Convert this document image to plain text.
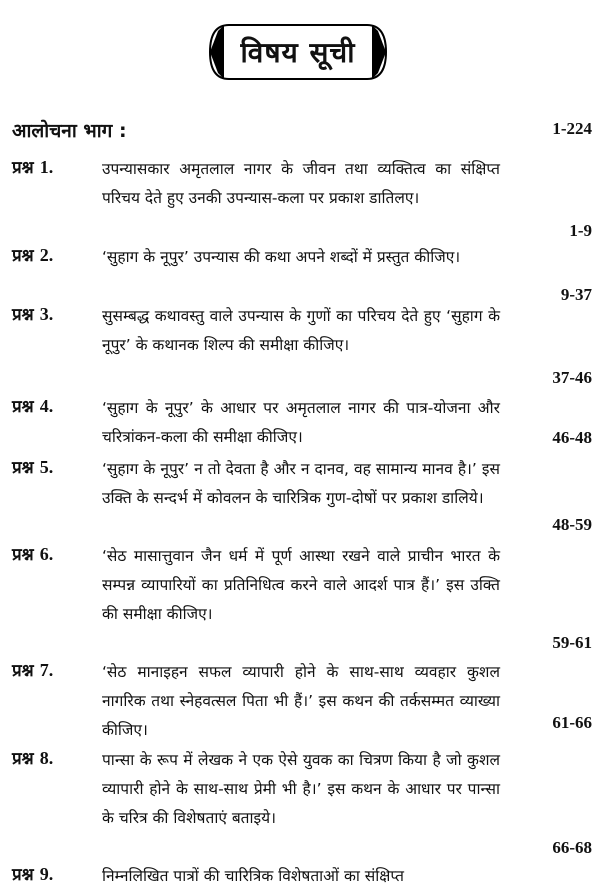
विषय सूची
आलोचना भाग :	1-224
प्रश्न 1.	उपन्यासकार अमृतलाल नागर के जीवन तथा व्यक्तित्व का संक्षिप्त परिचय देते हुए उनकी उपन्यास-कला पर प्रकाश डातिलए।
1-9
प्रश्न 2.	‘सुहाग के नूपुर’ उपन्यास की कथा अपने शब्दों में प्रस्तुत कीजिए।
9-37
प्रश्न 3.	सुसम्बद्ध कथावस्तु वाले उपन्यास के गुणों का परिचय देते हुए ‘सुहाग के नूपुर’ के कथानक शिल्प की समीक्षा कीजिए।
37-46
प्रश्न 4.	‘सुहाग के नूपुर’ के आधार पर अमृतलाल नागर की पात्र-योजना और चरित्रांकन-कला की समीक्षा कीजिए।	46-48
प्रश्न 5.	‘सुहाग के नूपुर’ न तो देवता है और न दानव, वह सामान्य मानव है।’ इस उक्ति के सन्दर्भ में कोवलन के चारित्रिक गुण-दोषों पर प्रकाश डालिये।
48-59
प्रश्न 6.	‘सेठ मासात्तुवान जैन धर्म में पूर्ण आस्था रखने वाले प्राचीन भारत के सम्पन्न व्यापारियों का प्रतिनिधित्व करने वाले आदर्श पात्र हैं।’ इस उक्ति की समीक्षा कीजिए।
59-61
प्रश्न 7.	‘सेठ मानाइहन सफल व्यापारी होने के साथ-साथ व्यवहार कुशल नागरिक तथा स्नेहवत्सल पिता भी हैं।’ इस कथन की तर्कसम्मत व्याख्या कीजिए।	61-66
प्रश्न 8.	पान्सा के रूप में लेखक ने एक ऐसे युवक का चित्रण किया है जो कुशल व्यापारी होने के साथ-साथ प्रेमी भी है।’ इस कथन के आधार पर पान्सा के चरित्र की विशेषताएं बताइये।
66-68
प्रश्न 9.	निम्नलिखित पात्रों की चारित्रिक विशेषताओं का संक्षिप्त
